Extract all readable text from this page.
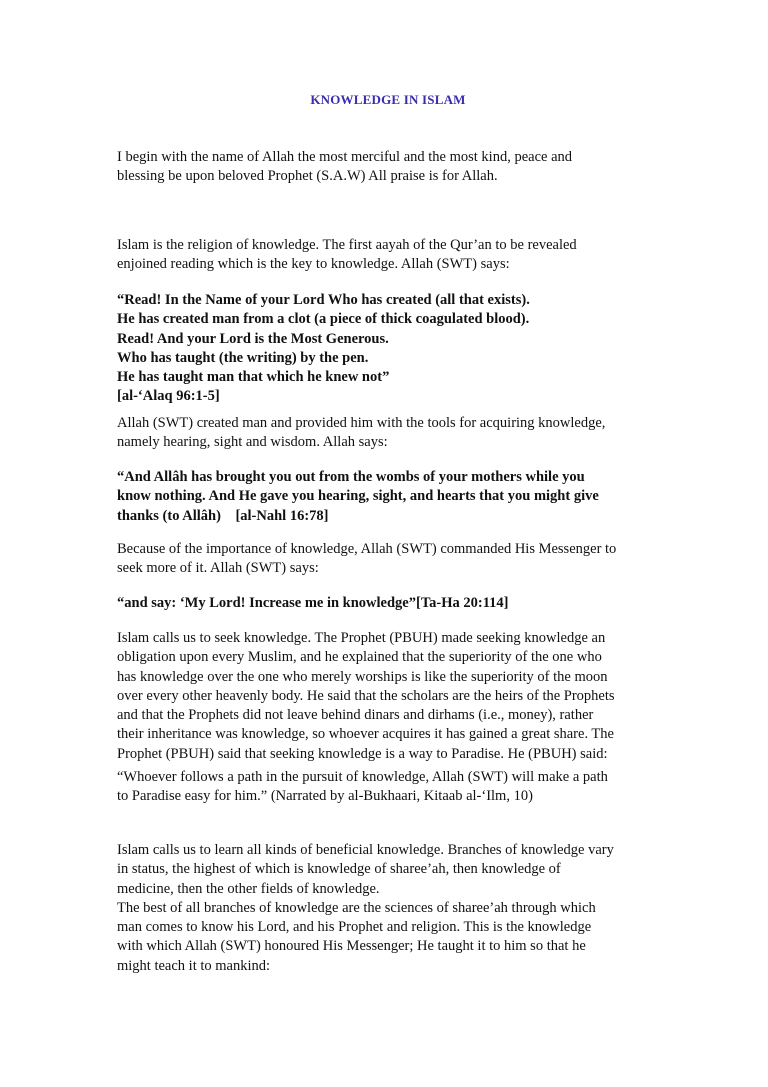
KNOWLEDGE IN ISLAM

I begin with the name of Allah the most merciful and the most kind, peace and
blessing be upon beloved Prophet (S.A.W) All praise is for Allah.

Islam is the religion of knowledge. The first aayah of the Qur’an to be revealed
enjoined reading which is the key to knowledge. Allah (SWT) says:

“Read! In the Name of your Lord Who has created (all that exists).
He has created man from a clot (a piece of thick coagulated blood).
Read! And your Lord is the Most Generous.
Who has taught (the writing) by the pen.
He has taught man that which he knew not”
[al-‘Alaq 96:1-5]

Allah (SWT) created man and provided him with the tools for acquiring knowledge,
namely hearing, sight and wisdom. Allah says:

“And Allâh has brought you out from the wombs of your mothers while you
know nothing. And He gave you hearing, sight, and hearts that you might give
thanks (to Allâh)    [al-Nahl 16:78]

Because of the importance of knowledge, Allah (SWT) commanded His Messenger to
seek more of it. Allah (SWT) says:

“and say: ‘My Lord! Increase me in knowledge”[Ta-Ha 20:114]

Islam calls us to seek knowledge. The Prophet (PBUH) made seeking knowledge an
obligation upon every Muslim, and he explained that the superiority of the one who
has knowledge over the one who merely worships is like the superiority of the moon
over every other heavenly body. He said that the scholars are the heirs of the Prophets
and that the Prophets did not leave behind dinars and dirhams (i.e., money), rather
their inheritance was knowledge, so whoever acquires it has gained a great share. The
Prophet (PBUH) said that seeking knowledge is a way to Paradise. He (PBUH) said:

“Whoever follows a path in the pursuit of knowledge, Allah (SWT) will make a path
to Paradise easy for him.” (Narrated by al-Bukhaari, Kitaab al-‘Ilm, 10)

Islam calls us to learn all kinds of beneficial knowledge. Branches of knowledge vary
in status, the highest of which is knowledge of sharee’ah, then knowledge of
medicine, then the other fields of knowledge.
The best of all branches of knowledge are the sciences of sharee’ah through which
man comes to know his Lord, and his Prophet and religion. This is the knowledge
with which Allah (SWT) honoured His Messenger; He taught it to him so that he
might teach it to mankind:
